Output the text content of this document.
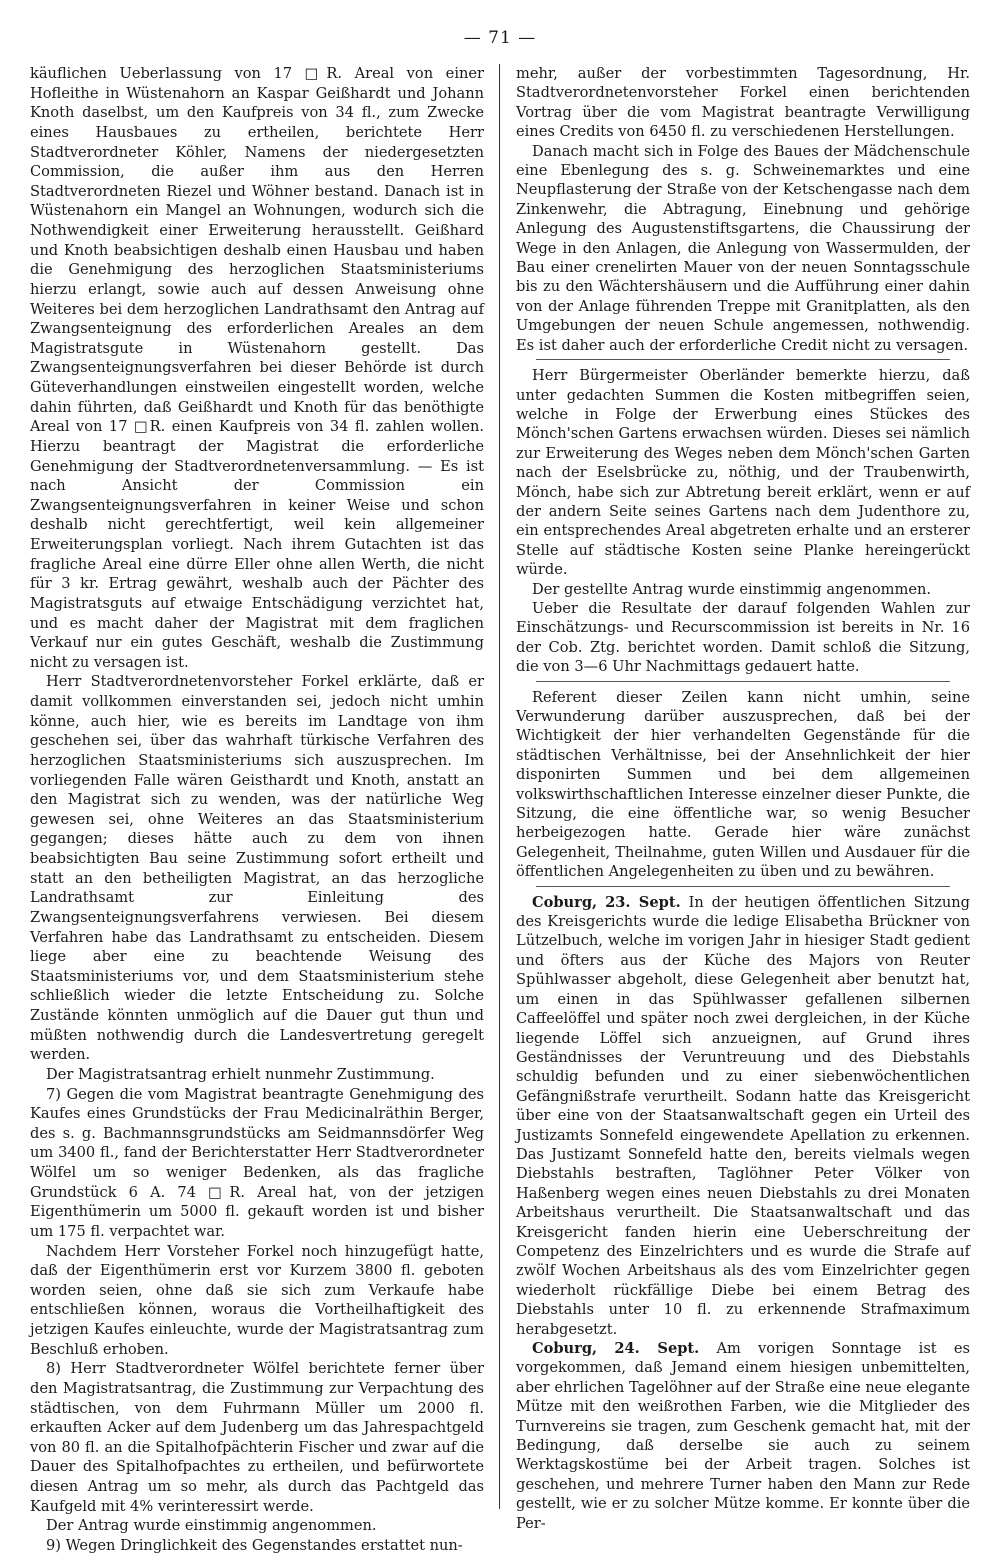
— 71 —

käuflichen Ueberlassung von 17 □R. Areal von einer Hofleithe in Wüstenahorn an Kaspar Geißhardt und Johann Knoth daselbst, um den Kaufpreis von 34 fl., zum Zwecke eines Hausbaues zu ertheilen, berichtete Herr Stadtverordneter Köhler, Namens der niedergesetzten Commission, die außer ihm aus den Herren Stadtverordneten Riezel und Wöhner bestand. Danach ist in Wüstenahorn ein Mangel an Wohnungen, wodurch sich die Nothwendigkeit einer Erweiterung herausstellt. Geißhard und Knoth beabsichtigen deshalb einen Hausbau und haben die Genehmigung des herzoglichen Staatsministeriums hierzu erlangt, sowie auch auf dessen Anweisung ohne Weiteres bei dem herzoglichen Landrathsamt den Antrag auf Zwangsenteignung des erforderlichen Areales an dem Magistratsgute in Wüstenahorn gestellt. Das Zwangsenteignungsverfahren bei dieser Behörde ist durch Güteverhandlungen einstweilen eingestellt worden, welche dahin führten, daß Geißhardt und Knoth für das benöthigte Areal von 17 □R. einen Kaufpreis von 34 fl. zahlen wollen. Hierzu beantragt der Magistrat die erforderliche Genehmigung der Stadtverordnetenversammlung. — Es ist nach Ansicht der Commission ein Zwangsenteignungsverfahren in keiner Weise und schon deshalb nicht gerechtfertigt, weil kein allgemeiner Erweiterungsplan vorliegt. Nach ihrem Gutachten ist das fragliche Areal eine dürre Eller ohne allen Werth, die nicht für 3 kr. Ertrag gewährt, weshalb auch der Pächter des Magistratsguts auf etwaige Entschädigung verzichtet hat, und es macht daher der Magistrat mit dem fraglichen Verkauf nur ein gutes Geschäft, weshalb die Zustimmung nicht zu versagen ist.

Herr Stadtverordnetenvorsteher Forkel erklärte, daß er damit vollkommen einverstanden sei, jedoch nicht umhin könne, auch hier, wie es bereits im Landtage von ihm geschehen sei, über das wahrhaft türkische Verfahren des herzoglichen Staatsministeriums sich auszusprechen. Im vorliegenden Falle wären Geisthardt und Knoth, anstatt an den Magistrat sich zu wenden, was der natürliche Weg gewesen sei, ohne Weiteres an das Staatsministerium gegangen; dieses hätte auch zu dem von ihnen beabsichtigten Bau seine Zustimmung sofort ertheilt und statt an den betheiligten Magistrat, an das herzogliche Landrathsamt zur Einleitung des Zwangsenteignungsverfahrens verwiesen. Bei diesem Verfahren habe das Landrathsamt zu entscheiden. Diesem liege aber eine zu beachtende Weisung des Staatsministeriums vor, und dem Staatsministerium stehe schließlich wieder die letzte Entscheidung zu. Solche Zustände könnten unmöglich auf die Dauer gut thun und müßten nothwendig durch die Landesvertretung geregelt werden.

Der Magistratsantrag erhielt nunmehr Zustimmung.

7) Gegen die vom Magistrat beantragte Genehmigung des Kaufes eines Grundstücks der Frau Medicinalräthin Berger, des s. g. Bachmannsgrundstücks am Seidmannsdörfer Weg um 3400 fl., fand der Berichterstatter Herr Stadtverordneter Wölfel um so weniger Bedenken, als das fragliche Grundstück 6 A. 74 □R. Areal hat, von der jetzigen Eigenthümerin um 5000 fl. gekauft worden ist und bisher um 175 fl. verpachtet war.

Nachdem Herr Vorsteher Forkel noch hinzugefügt hatte, daß der Eigenthümerin erst vor Kurzem 3800 fl. geboten worden seien, ohne daß sie sich zum Verkaufe habe entschließen können, woraus die Vortheilhaftigkeit des jetzigen Kaufes einleuchte, wurde der Magistratsantrag zum Beschluß erhoben.

8) Herr Stadtverordneter Wölfel berichtete ferner über den Magistratsantrag, die Zustimmung zur Verpachtung des städtischen, von dem Fuhrmann Müller um 2000 fl. erkauften Acker auf dem Judenberg um das Jahrespachtgeld von 80 fl. an die Spitalhofpächterin Fischer und zwar auf die Dauer des Spitalhofpachtes zu ertheilen, und befürwortete diesen Antrag um so mehr, als durch das Pachtgeld das Kaufgeld mit 4% verinteressirt werde.

Der Antrag wurde einstimmig angenommen.

9) Wegen Dringlichkeit des Gegenstandes erstattet nun-

mehr, außer der vorbestimmten Tagesordnung, Hr. Stadtverordnetenvorsteher Forkel einen berichtenden Vortrag über die vom Magistrat beantragte Verwilligung eines Credits von 6450 fl. zu verschiedenen Herstellungen.

Danach macht sich in Folge des Baues der Mädchenschule eine Ebenlegung des s. g. Schweinemarktes und eine Neupflasterung der Straße von der Ketschengasse nach dem Zinkenwehr, die Abtragung, Einebnung und gehörige Anlegung des Augustenstiftsgartens, die Chaussirung der Wege in den Anlagen, die Anlegung von Wassermulden, der Bau einer crenelirten Mauer von der neuen Sonntagsschule bis zu den Wächtershäusern und die Aufführung einer dahin von der Anlage führenden Treppe mit Granitplatten, als den Umgebungen der neuen Schule angemessen, nothwendig. Es ist daher auch der erforderliche Credit nicht zu versagen.

Herr Bürgermeister Oberländer bemerkte hierzu, daß unter gedachten Summen die Kosten mitbegriffen seien, welche in Folge der Erwerbung eines Stückes des Mönch'schen Gartens erwachsen würden. Dieses sei nämlich zur Erweiterung des Weges neben dem Mönch'schen Garten nach der Eselsbrücke zu, nöthig, und der Traubenwirth, Mönch, habe sich zur Abtretung bereit erklärt, wenn er auf der andern Seite seines Gartens nach dem Judenthore zu, ein entsprechendes Areal abgetreten erhalte und an ersterer Stelle auf städtische Kosten seine Planke hereingerückt würde.

Der gestellte Antrag wurde einstimmig angenommen.

Ueber die Resultate der darauf folgenden Wahlen zur Einschätzungs- und Recurscommission ist bereits in Nr. 16 der Cob. Ztg. berichtet worden. Damit schloß die Sitzung, die von 3—6 Uhr Nachmittags gedauert hatte.

Referent dieser Zeilen kann nicht umhin, seine Verwunderung darüber auszusprechen, daß bei der Wichtigkeit der hier verhandelten Gegenstände für die städtischen Verhältnisse, bei der Ansehnlichkeit der hier disponirten Summen und bei dem allgemeinen volkswirthschaftlichen Interesse einzelner dieser Punkte, die Sitzung, die eine öffentliche war, so wenig Besucher herbeigezogen hatte. Gerade hier wäre zunächst Gelegenheit, Theilnahme, guten Willen und Ausdauer für die öffentlichen Angelegenheiten zu üben und zu bewähren.

Coburg, 23. Sept. In der heutigen öffentlichen Sitzung des Kreisgerichts wurde die ledige Elisabetha Brückner von Lützelbuch, welche im vorigen Jahr in hiesiger Stadt gedient und öfters aus der Küche des Majors von Reuter Spühlwasser abgeholt, diese Gelegenheit aber benutzt hat, um einen in das Spühlwasser gefallenen silbernen Caffeelöffel und später noch zwei dergleichen, in der Küche liegende Löffel sich anzueignen, auf Grund ihres Geständnisses der Veruntreuung und des Diebstahls schuldig befunden und zu einer siebenwöchentlichen Gefängnißstrafe verurtheilt. Sodann hatte das Kreisgericht über eine von der Staatsanwaltschaft gegen ein Urteil des Justizamts Sonnefeld eingewendete Apellation zu erkennen. Das Justizamt Sonnefeld hatte den, bereits vielmals wegen Diebstahls bestraften, Taglöhner Peter Völker von Haßenberg wegen eines neuen Diebstahls zu drei Monaten Arbeitshaus verurtheilt. Die Staatsanwaltschaft und das Kreisgericht fanden hierin eine Ueberschreitung der Competenz des Einzelrichters und es wurde die Strafe auf zwölf Wochen Arbeitshaus als des vom Einzelrichter gegen wiederholt rückfällige Diebe bei einem Betrag des Diebstahls unter 10 fl. zu erkennende Strafmaximum herabgesetzt.

Coburg, 24. Sept. Am vorigen Sonntage ist es vorgekommen, daß Jemand einem hiesigen unbemittelten, aber ehrlichen Tagelöhner auf der Straße eine neue elegante Mütze mit den weißrothen Farben, wie die Mitglieder des Turnvereins sie tragen, zum Geschenk gemacht hat, mit der Bedingung, daß derselbe sie auch zu seinem Werktagskostüme bei der Arbeit tragen. Solches ist geschehen, und mehrere Turner haben den Mann zur Rede gestellt, wie er zu solcher Mütze komme. Er konnte über die Per-
